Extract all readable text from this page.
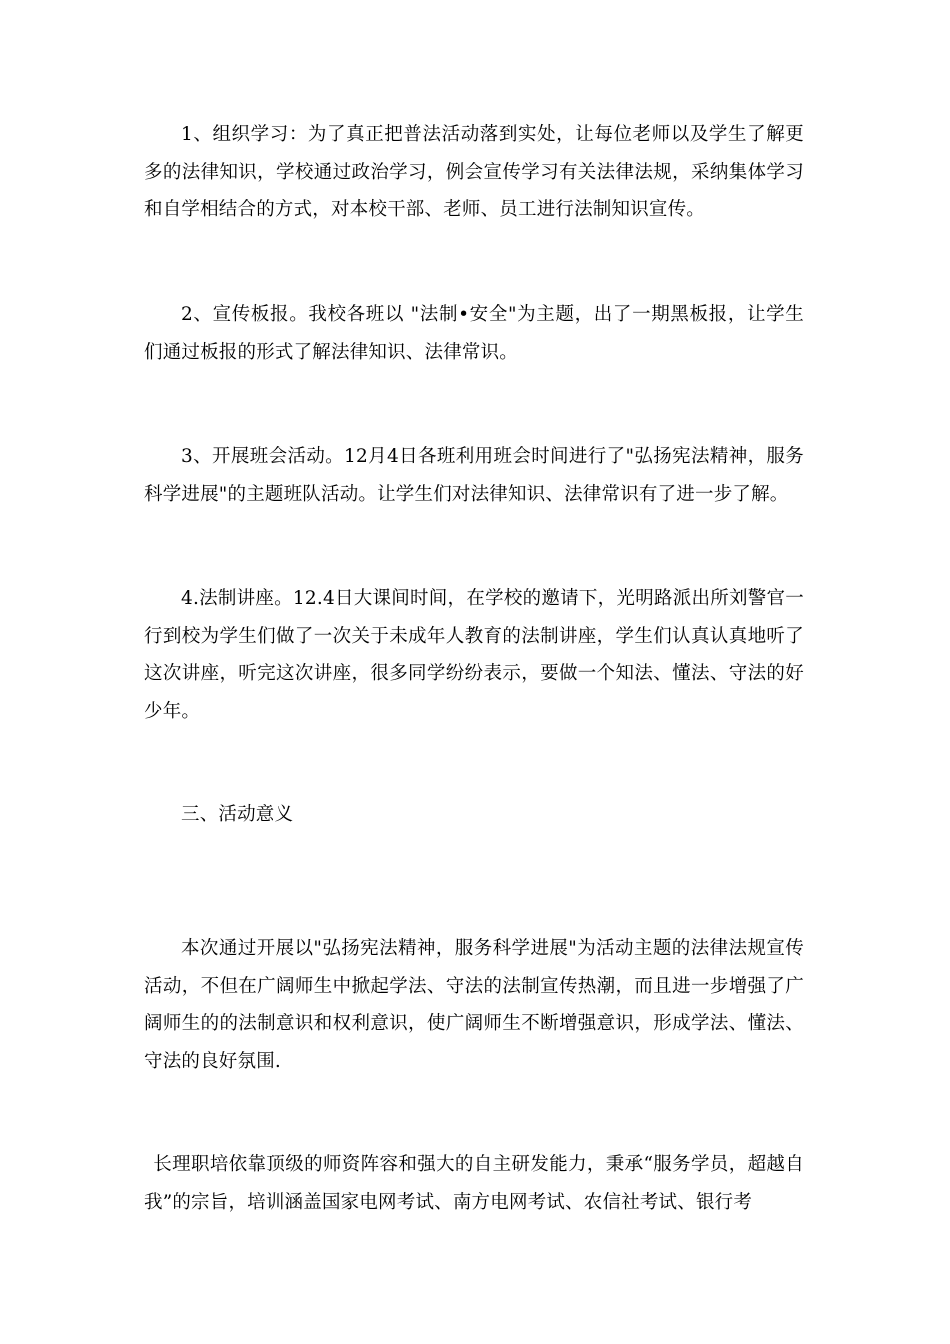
1、组织学习：为了真正把普法活动落到实处，让每位老师以及学生了解更多的法律知识，学校通过政治学习，例会宣传学习有关法律法规，采纳集体学习和自学相结合的方式，对本校干部、老师、员工进行法制知识宣传。

2、宣传板报。我校各班以 "法制•安全"为主题，出了一期黑板报，让学生们通过板报的形式了解法律知识、法律常识。

3、开展班会活动。12月4日各班利用班会时间进行了"弘扬宪法精神，服务科学进展"的主题班队活动。让学生们对法律知识、法律常识有了进一步了解。

4.法制讲座。12.4日大课间时间，在学校的邀请下，光明路派出所刘警官一行到校为学生们做了一次关于未成年人教育的法制讲座，学生们认真认真地听了这次讲座，听完这次讲座，很多同学纷纷表示，要做一个知法、懂法、守法的好少年。

三、活动意义

本次通过开展以"弘扬宪法精神，服务科学进展"为活动主题的法律法规宣传活动，不但在广阔师生中掀起学法、守法的法制宣传热潮，而且进一步增强了广阔师生的的法制意识和权利意识，使广阔师生不断增强意识，形成学法、懂法、守法的良好氛围.

长理职培依靠顶级的师资阵容和强大的自主研发能力，秉承“服务学员，超越自我”的宗旨，培训涵盖国家电网考试、南方电网考试、农信社考试、银行考
